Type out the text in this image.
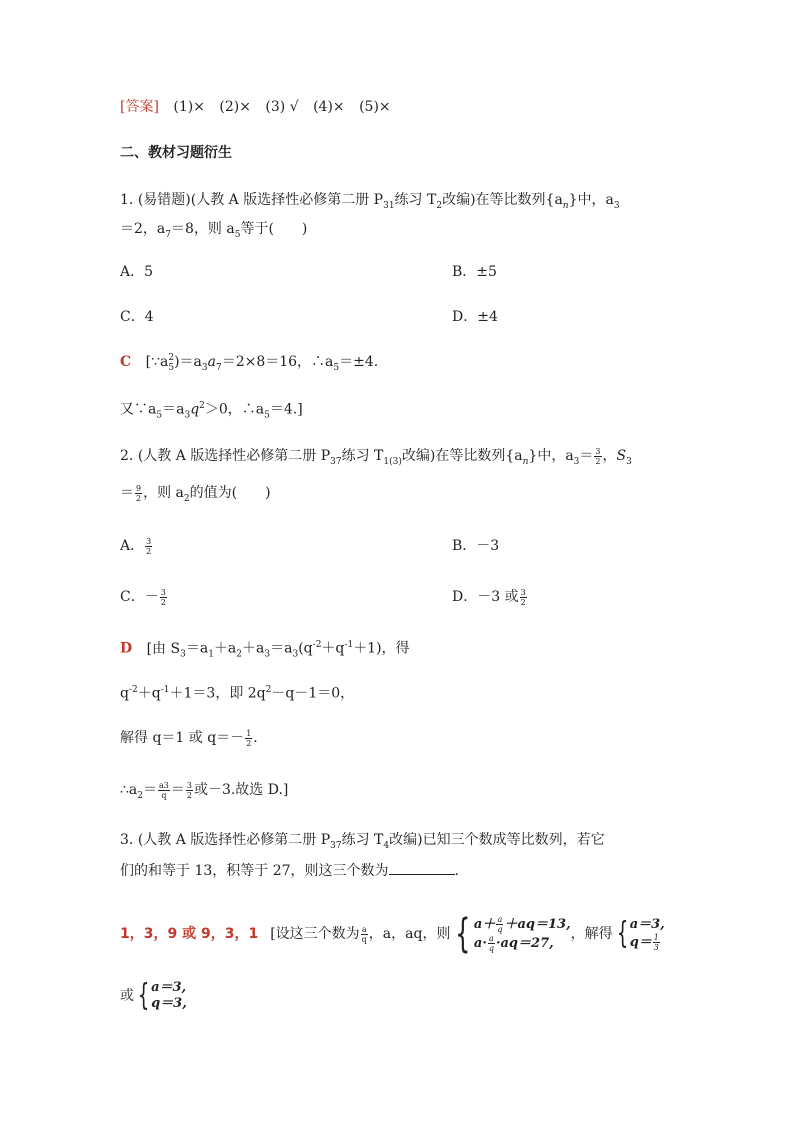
[答案] (1)× (2)× (3) √ (4)× (5)×
二、教材习题衍生
1. (易错题)(人教 A 版选择性必修第二册 $P_{31}$练习 $T_2$改编)在等比数列$\{a_n\}$中，$a_3$
＝2，$a_7=8$，则 $a_5$等于(　　)
A．5	B．±5
C．4	D．±4
C [∵a 2
$_5)=a_3a_7=2\times 8=16$，$\therefore a_5=\pm 4$.
又$\because a_5=a_3q^2>0$，$\therefore a_5=4$.]
2. (人教 A 版选择性必修第二册 $P_{37}$练习 $T_{1(3)}$改编)在等比数列$\{a_n\}$中，$a_3= \frac{3}{2}$ ，$S_3$
＝ $\frac{9}{2}$ ，则 $a_2$的值为(　　)
A． $\frac{3}{2}$	B．－3
C．－ $\frac{3}{2}$	D．－3 或 $\frac{3}{2}$
D [由 $S_3=a_1+a_2+a_3=a_3(q^{-2}+q^{-1}+1)$，得
$q^{-2}+q^{-1}+1=3$，即 $2q^2-q-1=0$，
解得 q＝1 或 $q=- \frac{1}{2}$ .
$\therefore a_2= \frac{a3}{q} = \frac{3}{2}$ 或－3.故选 D.]
3. (人教 A 版选择性必修第二册 $P_{37}$练习 $T_4$改编)已知三个数成等比数列，若它
们的和等于 13，积等于 27，则这三个数为	.
1，3，9 或 9，3，1 [设这三个数为 $\frac{a}{q}$ ，a，aq，则 { $a+ \frac{a}{q} +aq=13$,
$a\cdot \frac{a}{q} \cdot aq=27$,
，解得 { a＝3,
$q= \frac{1}{3}$
或 { a＝3,
q＝3,
